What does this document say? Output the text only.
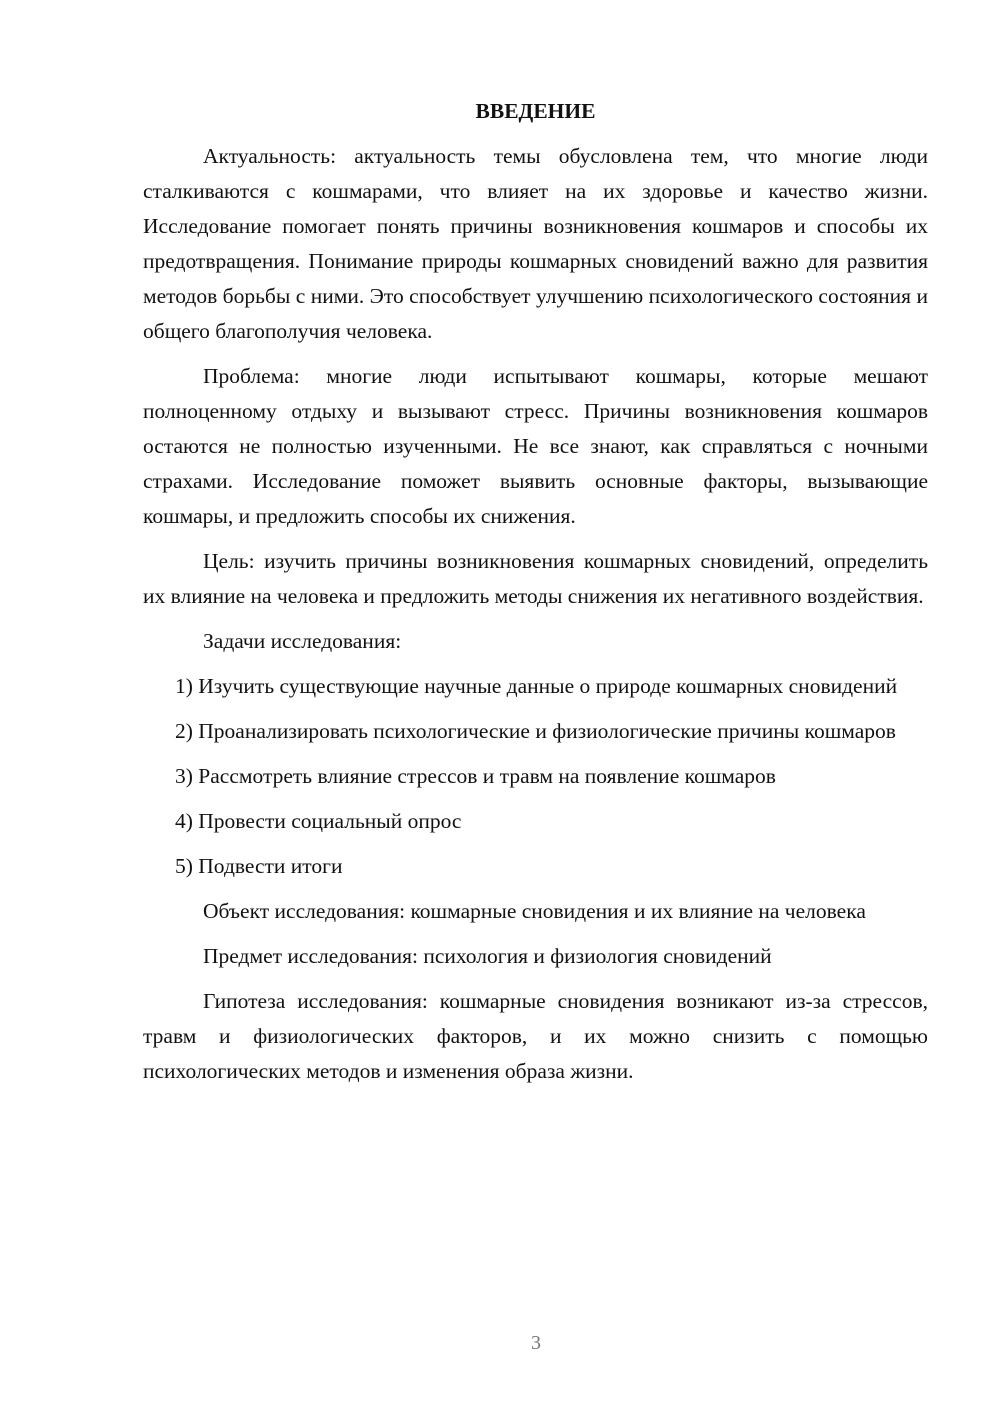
ВВЕДЕНИЕ
Актуальность: актуальность темы обусловлена тем, что многие люди сталкиваются с кошмарами, что влияет на их здоровье и качество жизни. Исследование помогает понять причины возникновения кошмаров и способы их предотвращения. Понимание природы кошмарных сновидений важно для развития методов борьбы с ними. Это способствует улучшению психологического состояния и общего благополучия человека.
Проблема: многие люди испытывают кошмары, которые мешают полноценному отдыху и вызывают стресс. Причины возникновения кошмаров остаются не полностью изученными. Не все знают, как справляться с ночными страхами. Исследование поможет выявить основные факторы, вызывающие кошмары, и предложить способы их снижения.
Цель: изучить причины возникновения кошмарных сновидений, определить их влияние на человека и предложить методы снижения их негативного воздействия.
Задачи исследования:
1) Изучить существующие научные данные о природе кошмарных сновидений
2) Проанализировать психологические и физиологические причины кошмаров
3) Рассмотреть влияние стрессов и травм на появление кошмаров
4) Провести социальный опрос
5) Подвести итоги
Объект исследования: кошмарные сновидения и их влияние на человека
Предмет исследования: психология и физиология сновидений
Гипотеза исследования: кошмарные сновидения возникают из-за стрессов, травм и физиологических факторов, и их можно снизить с помощью психологических методов и изменения образа жизни.
3
